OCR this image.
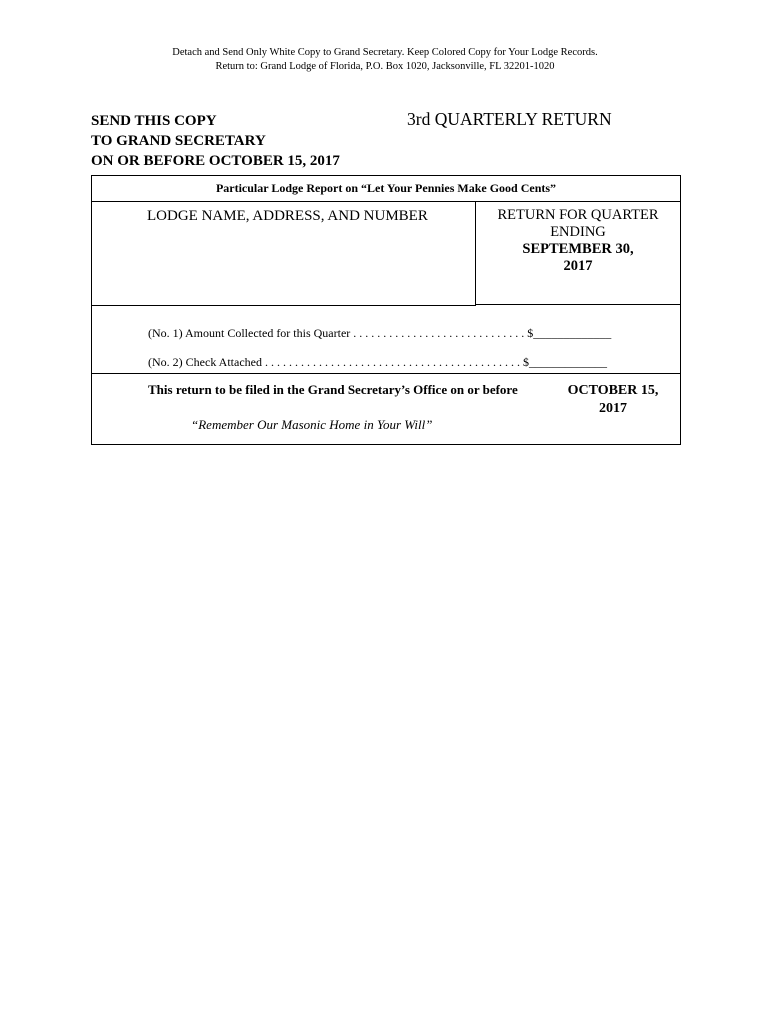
Detach and Send Only White Copy to Grand Secretary. Keep Colored Copy for Your Lodge Records.
Return to: Grand Lodge of Florida, P.O. Box 1020, Jacksonville, FL 32201-1020
SEND THIS COPY
TO GRAND SECRETARY
ON OR BEFORE OCTOBER 15, 2017
3rd QUARTERLY RETURN
Particular Lodge Report on “Let Your Pennies Make Good Cents”
LODGE NAME, ADDRESS, AND NUMBER	RETURN FOR QUARTER
ENDING
SEPTEMBER 30,
2017
(No. 1) Amount Collected for this Quarter . . . . . . . . . . . . . . . . . . . . . . . . . . . . . $_____________
(No. 2) Check Attached . . . . . . . . . . . . . . . . . . . . . . . . . . . . . . . . . . . . . . . . . . . $_____________
This return to be filed in the Grand Secretary’s Office on or before	OCTOBER 15,
2017
“Remember Our Masonic Home in Your Will”
